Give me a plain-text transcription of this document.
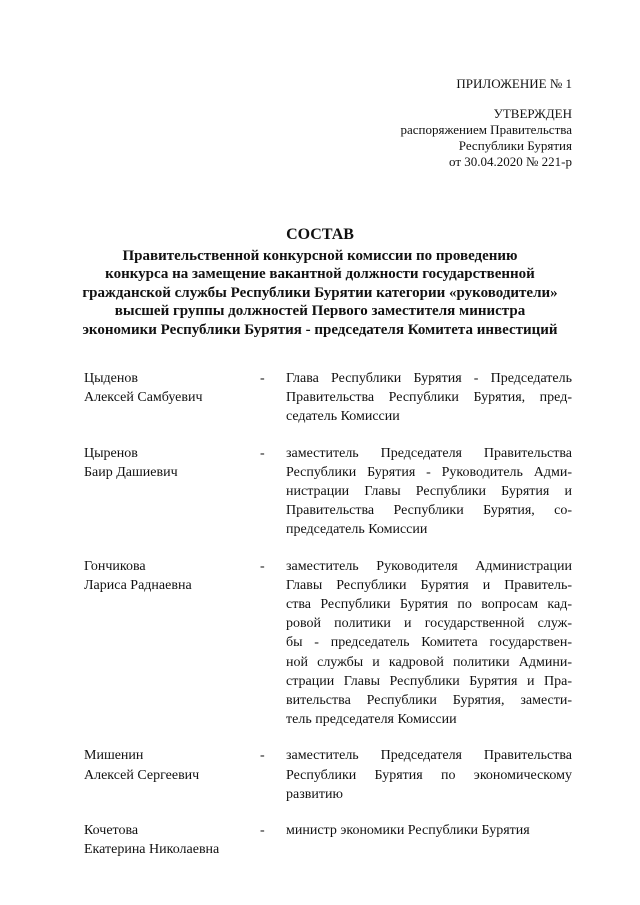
ПРИЛОЖЕНИЕ № 1
УТВЕРЖДЕН
распоряжением Правительства
Республики Бурятия
от 30.04.2020 № 221-р
СОСТАВ
Правительственной конкурсной комиссии по проведению
конкурса на замещение вакантной должности государственной
гражданской службы Республики Бурятии категории «руководители»
высшей группы должностей Первого заместителя министра
экономики Республики Бурятия - председателя Комитета инвестиций
Цыденов
Алексей Самбуевич
-	Глава Республики Бурятия - Председатель
Правительства Республики Бурятия, пред-
седатель Комиссии
Цыренов
Баир Дашиевич
-	заместитель Председателя Правительства
Республики Бурятия - Руководитель Адми-
нистрации Главы Республики Бурятия и
Правительства Республики Бурятия, со-
председатель Комиссии
Гончикова
Лариса Раднаевна
-	заместитель Руководителя Администрации
Главы Республики Бурятия и Правитель-
ства Республики Бурятия по вопросам кад-
ровой политики и государственной служ-
бы - председатель Комитета государствен-
ной службы и кадровой политики Админи-
страции Главы Республики Бурятия и Пра-
вительства Республики Бурятия, замести-
тель председателя Комиссии
Мишенин
Алексей Сергеевич
-	заместитель Председателя Правительства
Республики Бурятия по экономическому
развитию
Кочетова
Екатерина Николаевна
-	министр экономики Республики Бурятия
